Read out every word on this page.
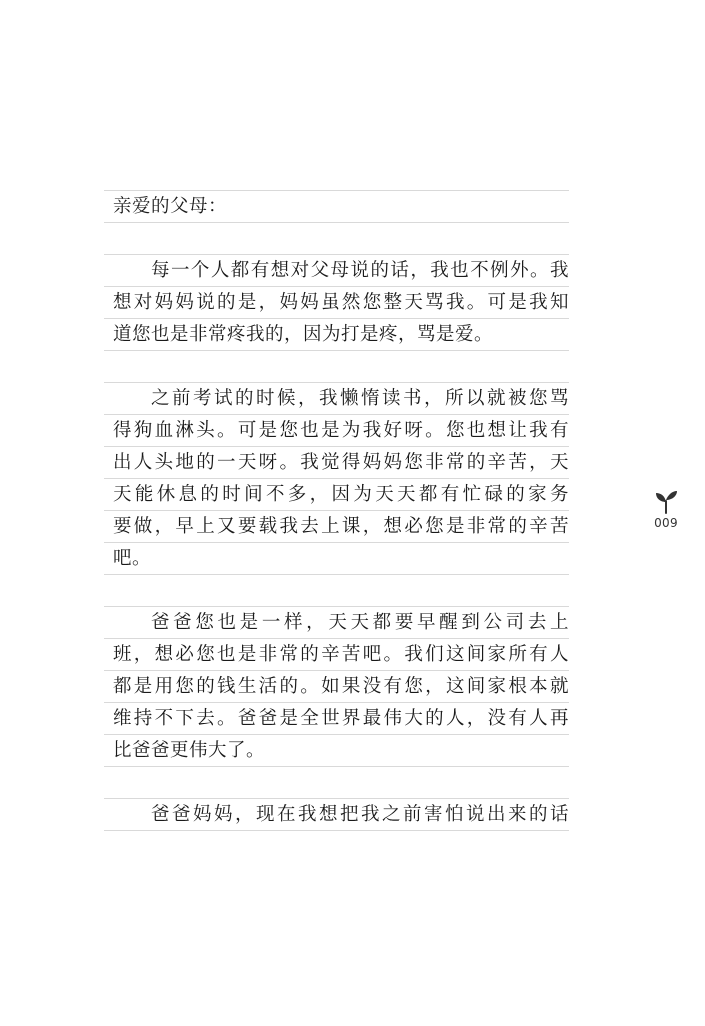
亲爱的父母：
每一个人都有想对父母说的话，我也不例外。我
想对妈妈说的是，妈妈虽然您整天骂我。可是我知
道您也是非常疼我的，因为打是疼，骂是爱。
之前考试的时候，我懒惰读书，所以就被您骂
得狗血淋头。可是您也是为我好呀。您也想让我有
出人头地的一天呀。我觉得妈妈您非常的辛苦，天
天能休息的时间不多，因为天天都有忙碌的家务
要做，早上又要载我去上课，想必您是非常的辛苦
吧。
爸爸您也是一样，天天都要早醒到公司去上
班，想必您也是非常的辛苦吧。我们这间家所有人
都是用您的钱生活的。如果没有您，这间家根本就
维持不下去。爸爸是全世界最伟大的人，没有人再
比爸爸更伟大了。
爸爸妈妈，现在我想把我之前害怕说出来的话
009
